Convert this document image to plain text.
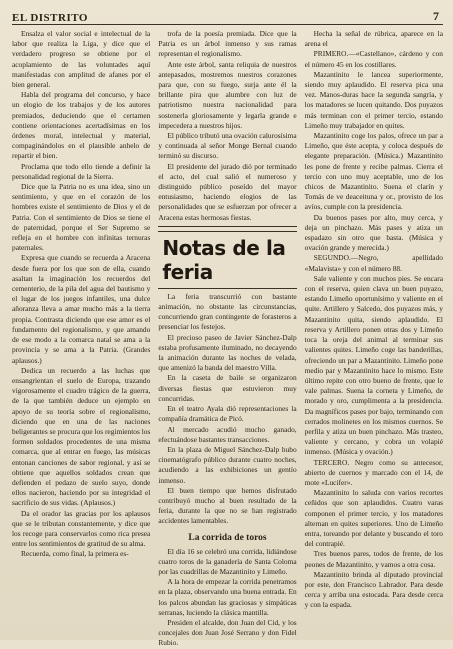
EL DISTRITO	7

Ensalza el valor social e intelectual de la labor que realiza la Liga, y dice que el verdadero progreso se obtiene por el acoplamiento de las voluntades aquí manifestadas con amplitud de afanes por el bien general.

Habla del programa del concurso, y hace un elogio de los trabajos y de los autores premiados, deduciendo que el certamen contiene orientaciones acertadísimas en los órdenes moral, intelectual y material, compaginándolos en el plausible anhelo de repartir el bien.

Proclama que todo ello tiende a definir la personalidad regional de la Sierra.

Dice que la Patria no es una idea, sino un sentimiento, y que en el corazón de los hombres existe el sentimiento de Dios y el de Patria. Con el sentimiento de Dios se tiene el de paternidad, porque el Ser Supremo se refleja en el hombre con infinitas ternuras paternales.

Expresa que cuando se recuerda a Aracena desde fuera por los que son de ella, cuando asaltan la imaginación los recuerdos del cementerio, de la pila del agua del bautismo y el lugar de los juegos infantiles, una dulce añoranza lleva a amar mucho más a la tierra propia. Contrasta diciendo que ese amor es el fundamento del regionalismo, y que amando de ese modo a la comarca natal se ama a la provincia y se ama a la Patria. (Grandes aplausos.)

Dedica un recuerdo a las luchas que ensangrientan el suelo de Europa, trazando vigorosamente el cuadro trágico de la guerra, de la que también deduce un ejemplo en apoyo de su teoría sobre el regionalismo, diciendo que en una de las naciones beligerantes se procura que los regimientos los formen soldados procedentes de una misma comarca, que al entrar en fuego, las músicas entonan canciones de sabor regional, y así se obtiene que aquellos soldados crean que defienden el pedazo de suelo suyo, donde ellos nacieron, haciendo por su integridad el sacrificio de sus vidas. (Aplausos.)

Da el orador las gracias por los aplausos que se le tributan constantemente, y dice que los recoge para conservarlos como rica presea entre los sentimientos de gratitud de su alma.

Recuerda, como final, la primera es-

trofa de la poesía premiada. Dice que la Patria es un árbol inmenso y sus ramas representan el regionalismo.

Ante este árbol, santa reliquia de nuestros antepasados, mostremos nuestros corazones para que, con su fuego, surja ante él la brillante pira que alumbre con luz de patriotismo nuestra nacionalidad para sostenerla gloriosamente y legarla grande e impecedera a nuestros hijos.

El público tributó una ovación calurosísima y continuada al señor Monge Bernal cuando terminó su discurso.

El presidente del jurado dió por terminado el acto, del cual salió el numeroso y distinguido público poseído del mayor entusiasmo, haciendo elogios de las personalidades que se esfuerzan por ofrecer a Aracena estas hermosas fiestas.

Notas de la feria

La feria transcurrió con bastante animación, no obstante las circunstancias, concurriendo gran contingente de forasteros a presenciar los festejos.

El precioso paseo de Javier Sánchez-Dalp estaba profusamente iluminado, no decayendo la animación durante las noches de velada, que amenizó la banda del maestro Villa.

En la caseta de baile se organizaron diversas fiestas que estuvieron muy concurridas.

En el teatro Ayala dió representaciones la compañía dramática de Picó.

Al mercado acudió mucho ganado, efectuándose bastantes transacciones.

En la plaza de Miguel Sánchez-Dalp hubo cinematógrafo público durante cuatro noches, acudiendo a las exhibiciones un gentío inmenso.

El buen tiempo que hemos disfrutado contribuyó mucho al buen resultado de la feria, durante la que no se han registrado accidentes lamentables.

La corrida de toros

El día 16 se celebró una corrida, lidiándose cuatro toros de la ganadería de Santa Coloma por las cuadrillas de Mazantinito y Limeño.

A la hora de empezar la corrida penetramos en la plaza, observando una buena entrada. En los palcos abundan las graciosas y simpáticas serranas, luciendo la clásica mantilla.

Presiden el alcalde, don Juan del Cid, y los concejales don Juan José Serrano y don Fidel Rubio.

Hecha la señal de rúbrica, aparece en la arena el

PRIMERO.—«Castellano», cárdeno y con el número 45 en los costillares.

Mazantinito le lancea superiormente, siendo muy aplaudido. El reserva pica una vez. Manos-duras hace la segunda sangría, y los matadores se lucen quitando. Dos puyazos más terminan con el primer tercio, estando Limeño muy trabajador en quites.

Mazantinito coge los palos, ofrece un par a Limeño, que éste acepta, y coloca después de elegante preparación. (Música.) Mazantinito les pone de frente y recibe palmas. Cierra el tercio con uno muy aceptable, uno de los chicos de Mazantinito. Suena el clarín y Tomás de ve deaceituna y or., provisto de los avíos, cumple con la presidencia.

Da buenos pases por alto, muy cerca, y deja un pinchazo. Más pases y atiza un espadazo sin otro que basta. (Música y ovación grande y merecida.)

SEGUNDO.—Negro, apellidado «Malavista» y con el número 88.

Sale valiente y con muchos pies. Se encara con el reserva, quien clava un buen puyazo, estando Limeño oportunísimo y valiente en el quite. Artillero y Salcedo, dos puyazos más, y Mazantinito quita, siendo aplaudido. El reserva y Artillero ponen otras dos y Limeño toca la oreja del animal al terminar sus valientes quites. Limeño coge las banderillas, ofreciendo un par a Mazantinito. Limeño pone medio par y Mazantinito hace lo mismo. Este último repite con otro bueno de frente, que le vale palmas. Suena la corneta y Limeño, de morado y oro, cumplimenta a la presidencia. Da magníficos pases por bajo, terminando con cerrados molinetes en los mismos cuernos. Se perfila y atiza un buen pinchazo. Más trasteo, valiente y cercano, y cobra un volapié inmenso. (Música y ovación.)

TERCERO. Negro como su antecesor, abierto de cuernos y marcado con el 14, de mote «Lucifer».

Mazantinito lo saluda con varios recortes ceñidos que son aplaudidos. Cuatro varas componen el primer tercio, y los matadores alternan en quites superiores. Uno de Limeño entra, toreando por delante y buscando el toro del contrapié.

Tres buenos pares, todos de frente, de los peones de Mazantinito, y vamos a otra cosa.

Mazantinito brinda al diputado provincial por este, don Francisco Labrador. Para desde cerca y arriba una estocada. Para desde cerca y con la espada.
